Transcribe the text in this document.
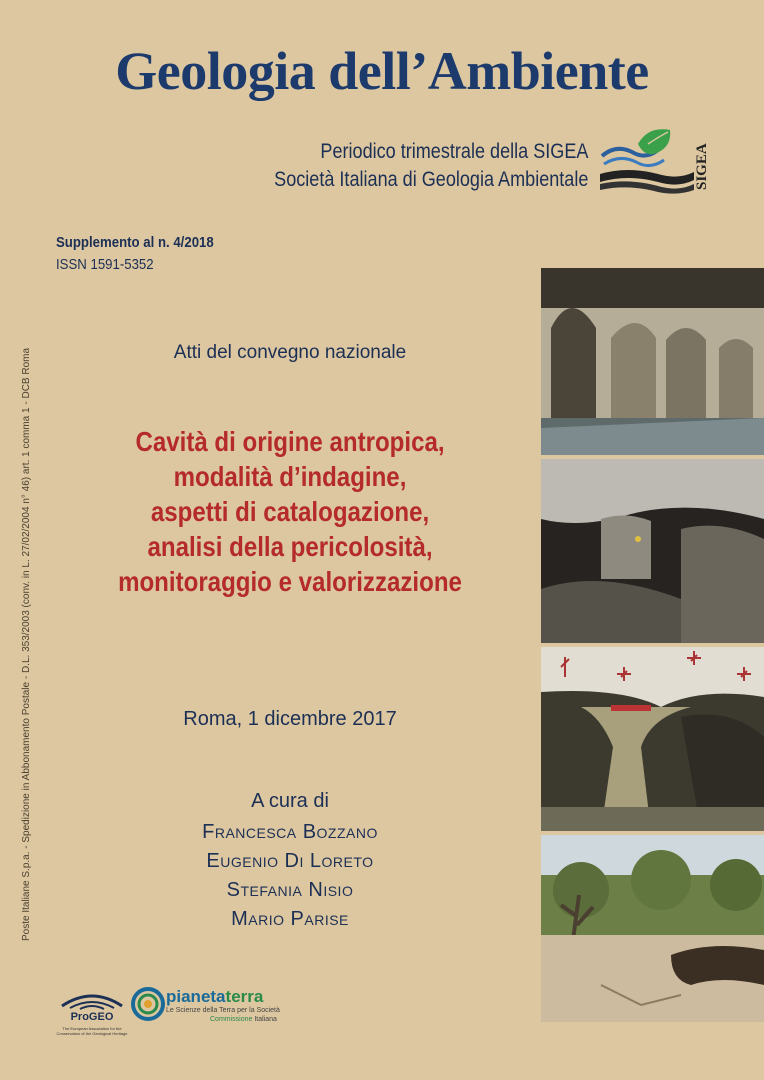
Geologia dell’Ambiente
Periodico trimestrale della SIGEA
Società Italiana di Geologia Ambientale	SIGEA
Supplemento al n. 4/2018
ISSN 1591-5352
Poste Italiane S.p.a. - Spedizione in Abbonamento Postale - D.L. 353/2003 (conv. in L. 27/02/2004 n° 46) art. 1 comma 1 - DCB Roma	Atti del convegno nazionale
Cavità di origine antropica,
modalità d’indagine,
aspetti di catalogazione,
analisi della pericolosità,
monitoraggio e valorizzazione
Roma, 1 dicembre 2017
A cura di
Francesca Bozzano
Eugenio Di Loreto
Stefania Nisio
Mario Parise
ProGEO
The European Association for the Conservation of the Geological Heritage
pianetaterra
Le Scienze della Terra per la Società
Commissione Italiana
